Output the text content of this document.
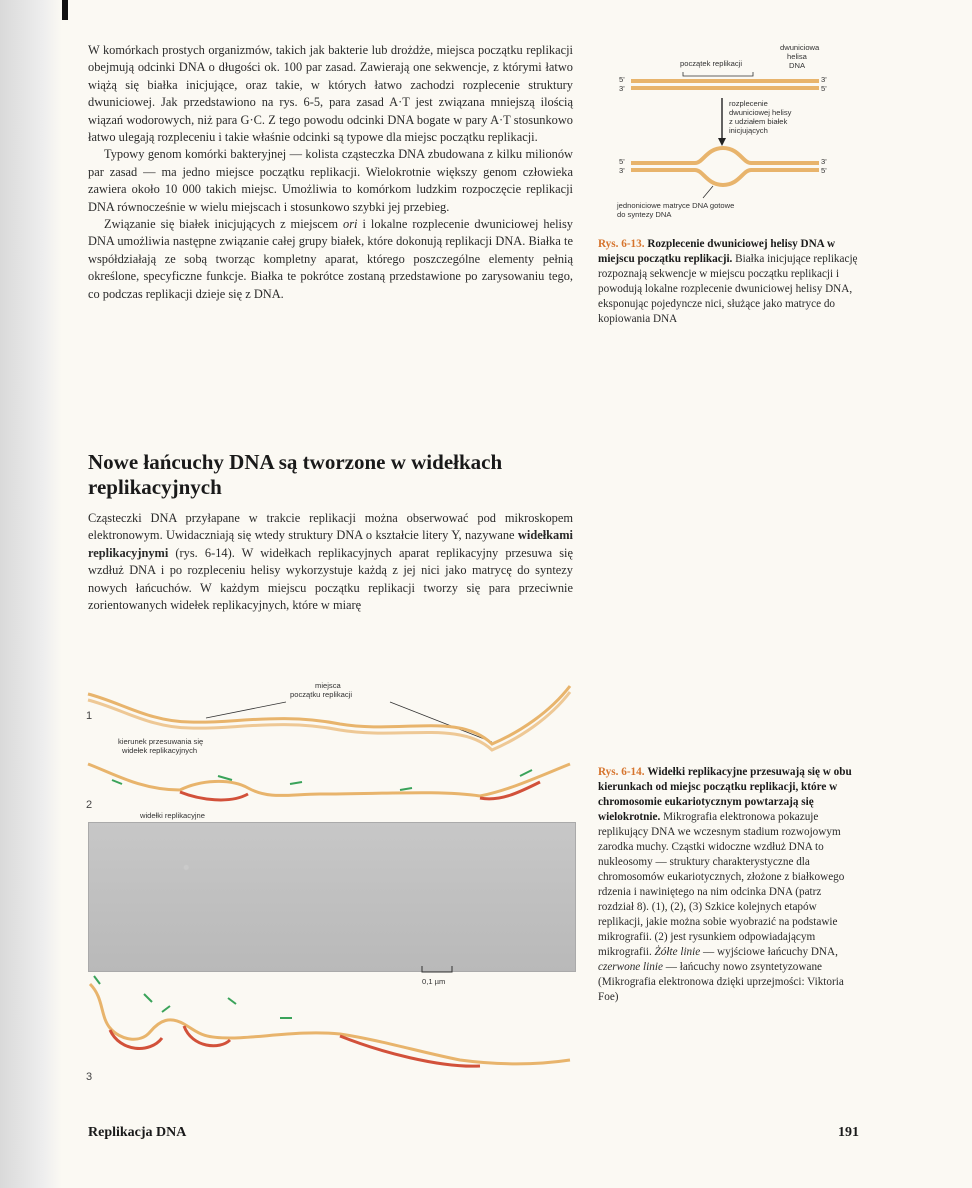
W komórkach prostych organizmów, takich jak bakterie lub drożdże, miejsca początku replikacji obejmują odcinki DNA o długości ok. 100 par zasad. Zawierają one sekwencje, z którymi łatwo wiążą się białka inicjujące, oraz takie, w których łatwo zachodzi rozplecenie struktury dwuniciowej. Jak przedstawiono na rys. 6-5, para zasad A·T jest związana mniejszą ilością wiązań wodorowych, niż para G·C. Z tego powodu odcinki DNA bogate w pary A·T stosunkowo łatwo ulegają rozpleceniu i takie właśnie odcinki są typowe dla miejsc początku replikacji.

Typowy genom komórki bakteryjnej — kolista cząsteczka DNA zbudowana z kilku milionów par zasad — ma jedno miejsce początku replikacji. Wielokrotnie większy genom człowieka zawiera około 10 000 takich miejsc. Umożliwia to komórkom ludzkim rozpoczęcie replikacji DNA równocześnie w wielu miejscach i stosunkowo szybki jej przebieg.

Związanie się białek inicjujących z miejscem ori i lokalne rozplecenie dwuniciowej helisy DNA umożliwia następne związanie całej grupy białek, które dokonują replikacji DNA. Białka te współdziałają ze sobą tworząc kompletny aparat, którego poszczególne elementy pełnią określone, specyficzne funkcje. Białka te pokrótce zostaną przedstawione po zarysowaniu tego, co podczas replikacji dzieje się z DNA.

Nowe łańcuchy DNA są tworzone w widełkach replikacyjnych

Cząsteczki DNA przyłapane w trakcie replikacji można obserwować pod mikroskopem elektronowym. Uwidaczniają się wtedy struktury DNA o kształcie litery Y, nazywane widełkami replikacyjnymi (rys. 6-14). W widełkach replikacyjnych aparat replikacyjny przesuwa się wzdłuż DNA i po rozpleceniu helisy wykorzystuje każdą z jej nici jako matrycę do syntezy nowych łańcuchów. W każdym miejscu początku replikacji tworzy się para przeciwnie zorientowanych widełek replikacyjnych, które w miarę

początek replikacji
dwuniciowa
helisa
DNA
5'
3'
3'
5'
rozplecenie
dwuniciowej helisy
z udziałem białek
inicjujących
5'
3'
3'
5'
jednoniciowe matryce DNA gotowe
do syntezy DNA
Rys. 6-13. Rozplecenie dwuniciowej helisy DNA w miejscu początku replikacji. Białka inicjujące replikację rozpoznają sekwencje w miejscu początku replikacji i powodują lokalne rozplecenie dwuniciowej helisy DNA, eksponując pojedyncze nici, służące jako matryce do kopiowania DNA
miejsca
początku replikacji
1
kierunek przesuwania się
widełek replikacyjnych
2
widełki replikacyjne
0,1 µm
3
Rys. 6-14. Widełki replikacyjne przesuwają się w obu kierunkach od miejsc początku replikacji, które w chromosomie eukariotycznym powtarzają się wielokrotnie. Mikrografia elektronowa pokazuje replikujący DNA we wczesnym stadium rozwojowym zarodka muchy. Cząstki widoczne wzdłuż DNA to nukleosomy — struktury charakterystyczne dla chromosomów eukariotycznych, złożone z białkowego rdzenia i nawiniętego na nim odcinka DNA (patrz rozdział 8). (1), (2), (3) Szkice kolejnych etapów replikacji, jakie można sobie wyobrazić na podstawie mikrografii. (2) jest rysunkiem odpowiadającym mikrografii. Żółte linie — wyjściowe łańcuchy DNA, czerwone linie — łańcuchy nowo zsyntetyzowane (Mikrografia elektronowa dzięki uprzejmości: Viktoria Foe)
Replikacja DNA	191
